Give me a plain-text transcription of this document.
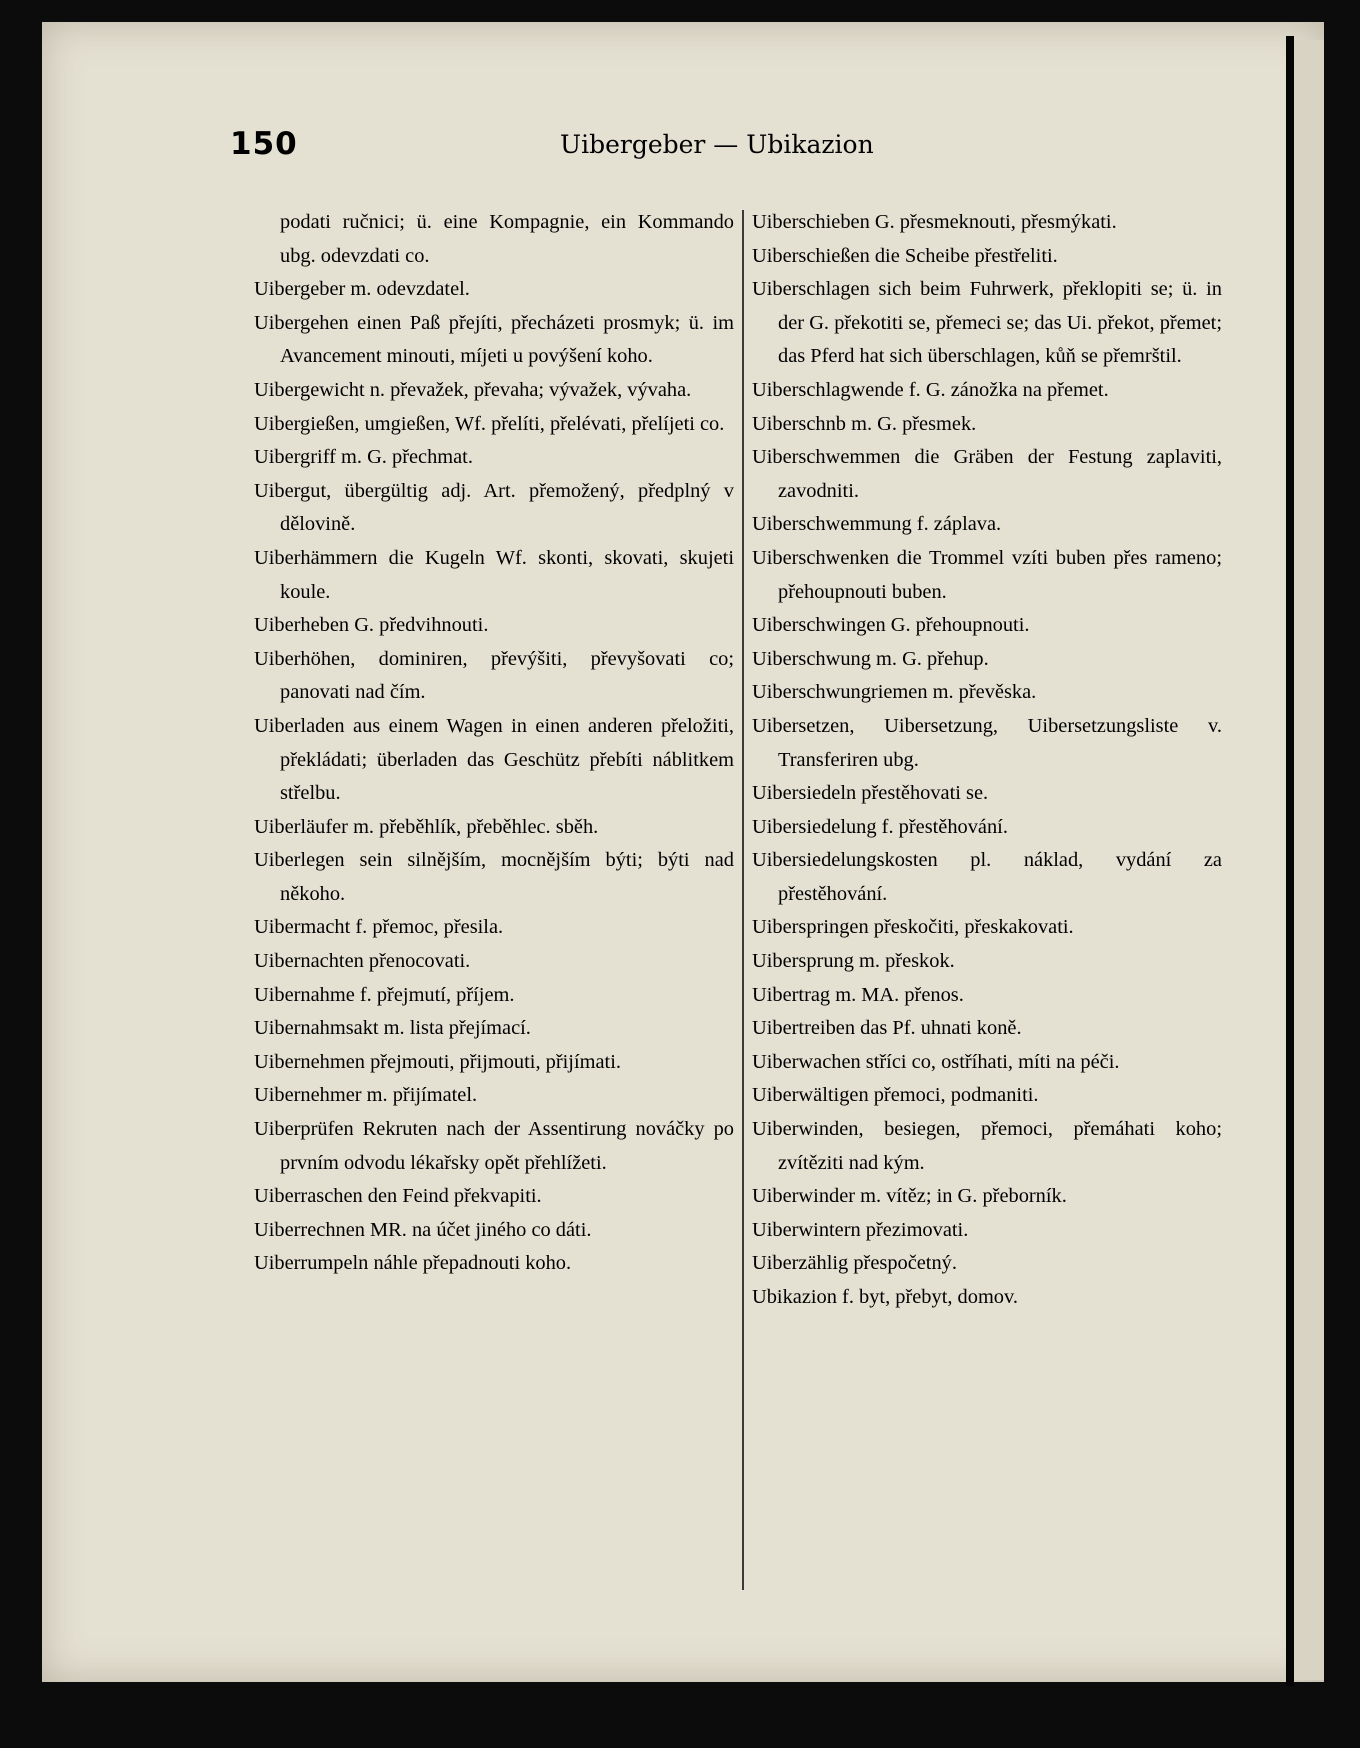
150	Uibergeber — Ubikazion
podati ručnici; ü. eine Kompagnie, ein Kommando ubg. odevzdati co.
Uibergeber m. odevzdatel.
Uibergehen einen Paß přejíti, přecházeti prosmyk; ü. im Avancement minouti, míjeti u povýšení koho.
Uibergewicht n. převažek, převaha; vývažek, vývaha.
Uibergießen, umgießen, Wf. přelíti, přelévati, přelíjeti co.
Uibergriff m. G. přechmat.
Uibergut, übergültig adj. Art. přemožený, předplný v dělovině.
Uiberhämmern die Kugeln Wf. skonti, skovati, skujeti koule.
Uiberheben G. předvihnouti.
Uiberhöhen, dominiren, převýšiti, převyšovati co; panovati nad čím.
Uiberladen aus einem Wagen in einen anderen přeložiti, překládati; überladen das Geschütz přebíti náblitkem střelbu.
Uiberläufer m. přeběhlík, přeběhlec. sběh.
Uiberlegen sein silnějším, mocnějším býti; býti nad někoho.
Uibermacht f. přemoc, přesila.
Uibernachten přenocovati.
Uibernahme f. přejmutí, příjem.
Uibernahmsakt m. lista přejímací.
Uibernehmen přejmouti, přijmouti, přijímati.
Uibernehmer m. přijímatel.
Uiberprüfen Rekruten nach der Assentirung nováčky po prvním odvodu lékařsky opět přehlížeti.
Uiberraschen den Feind překvapiti.
Uiberrechnen MR. na účet jiného co dáti.
Uiberrumpeln náhle přepadnouti koho.
Uiberschieben G. přesmeknouti, přesmýkati.
Uiberschießen die Scheibe přestřeliti.
Uiberschlagen sich beim Fuhrwerk, překlopiti se; ü. in der G. překotiti se, přemeci se; das Ui. překot, přemet; das Pferd hat sich überschlagen, kůň se přemrštil.
Uiberschlagwende f. G. zánožka na přemet.
Uiberschnb m. G. přesmek.
Uiberschwemmen die Gräben der Festung zaplaviti, zavodniti.
Uiberschwemmung f. záplava.
Uiberschwenken die Trommel vzíti buben přes rameno; přehoupnouti buben.
Uiberschwingen G. přehoupnouti.
Uiberschwung m. G. přehup.
Uiberschwungriemen m. převěska.
Uibersetzen, Uibersetzung, Uibersetzungsliste v. Transferiren ubg.
Uibersiedeln přestěhovati se.
Uibersiedelung f. přestěhování.
Uibersiedelungskosten pl. náklad, vydání za přestěhování.
Uiberspringen přeskočiti, přeskakovati.
Uibersprung m. přeskok.
Uibertrag m. MA. přenos.
Uibertreiben das Pf. uhnati koně.
Uiberwachen stříci co, ostříhati, míti na péči.
Uiberwältigen přemoci, podmaniti.
Uiberwinden, besiegen, přemoci, přemáhati koho; zvítěziti nad kým.
Uiberwinder m. vítěz; in G. přeborník.
Uiberwintern přezimovati.
Uiberzählig přespočetný.
Ubikazion f. byt, přebyt, domov.
